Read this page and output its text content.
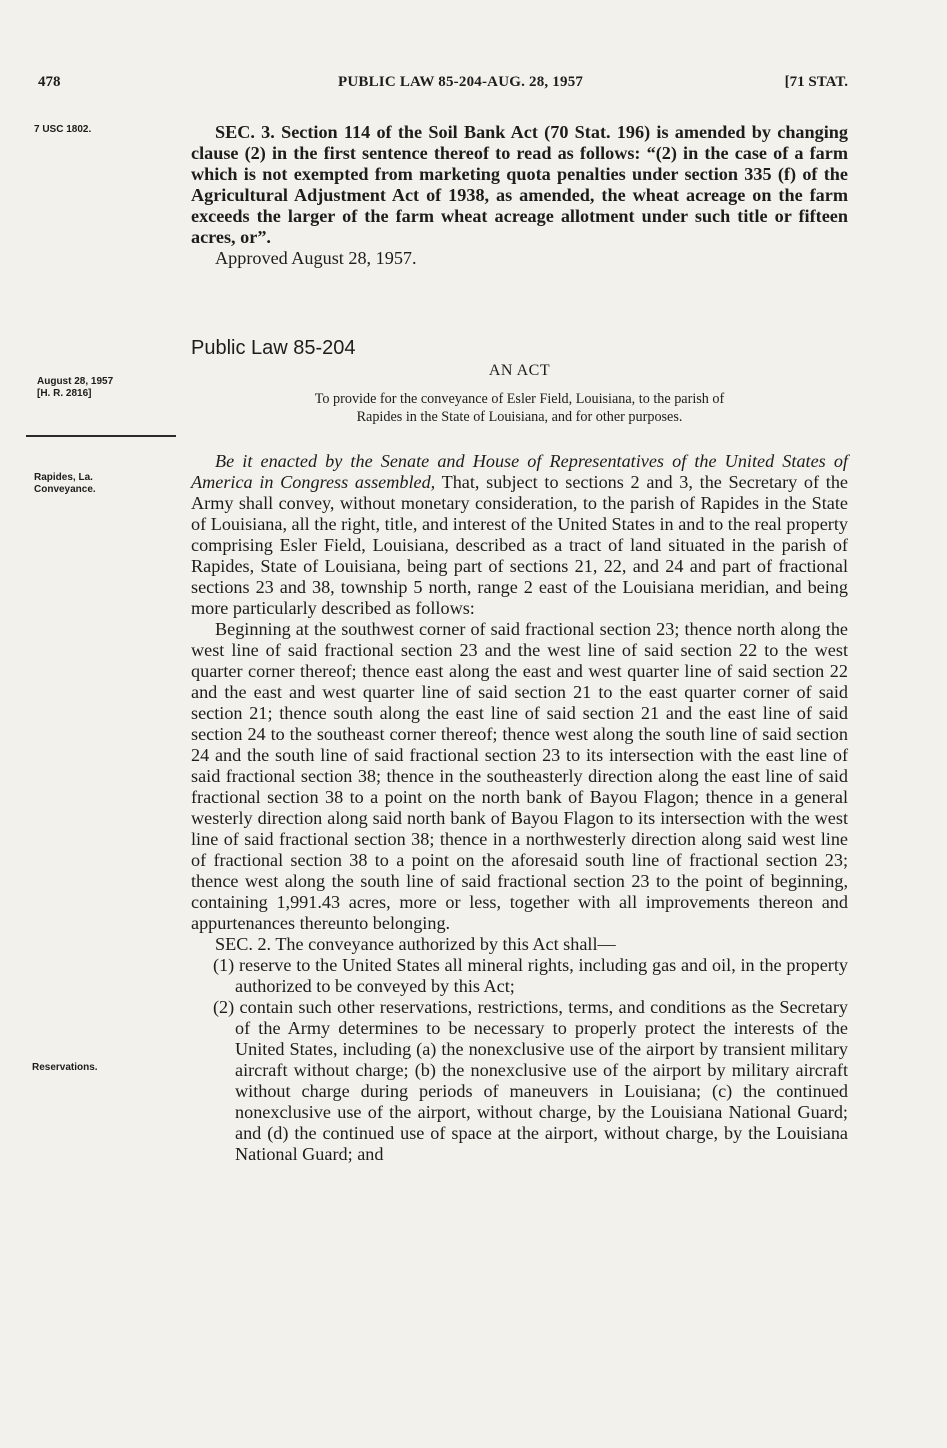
478	PUBLIC LAW 85-204-AUG. 28, 1957	[71 STAT.
7 USC 1802.
August 28, 1957
[H. R. 2816]
Rapides, La.
Conveyance.
Reservations.

SEC. 3. Section 114 of the Soil Bank Act (70 Stat. 196) is amended by changing clause (2) in the first sentence thereof to read as follows: “(2) in the case of a farm which is not exempted from marketing quota penalties under section 335 (f) of the Agricultural Adjustment Act of 1938, as amended, the wheat acreage on the farm exceeds the larger of the farm wheat acreage allotment under such title or fifteen acres, or”.

Approved August 28, 1957.

Public Law 85-204
AN ACT
To provide for the conveyance of Esler Field, Louisiana, to the parish of
Rapides in the State of Louisiana, and for other purposes.

Be it enacted by the Senate and House of Representatives of the United States of America in Congress assembled, That, subject to sections 2 and 3, the Secretary of the Army shall convey, without monetary consideration, to the parish of Rapides in the State of Louisiana, all the right, title, and interest of the United States in and to the real property comprising Esler Field, Louisiana, described as a tract of land situated in the parish of Rapides, State of Louisiana, being part of sections 21, 22, and 24 and part of fractional sections 23 and 38, township 5 north, range 2 east of the Louisiana meridian, and being more particularly described as follows:

Beginning at the southwest corner of said fractional section 23; thence north along the west line of said fractional section 23 and the west line of said section 22 to the west quarter corner thereof; thence east along the east and west quarter line of said section 22 and the east and west quarter line of said section 21 to the east quarter corner of said section 21; thence south along the east line of said section 21 and the east line of said section 24 to the southeast corner thereof; thence west along the south line of said section 24 and the south line of said fractional section 23 to its intersection with the east line of said fractional section 38; thence in the southeasterly direction along the east line of said fractional section 38 to a point on the north bank of Bayou Flagon; thence in a general westerly direction along said north bank of Bayou Flagon to its intersection with the west line of said fractional section 38; thence in a northwesterly direction along said west line of fractional section 38 to a point on the aforesaid south line of fractional section 23; thence west along the south line of said fractional section 23 to the point of beginning, containing 1,991.43 acres, more or less, together with all improvements thereon and appurtenances thereunto belonging.

SEC. 2. The conveyance authorized by this Act shall—

(1) reserve to the United States all mineral rights, including gas and oil, in the property authorized to be conveyed by this Act;

(2) contain such other reservations, restrictions, terms, and conditions as the Secretary of the Army determines to be necessary to properly protect the interests of the United States, including (a) the nonexclusive use of the airport by transient military aircraft without charge; (b) the nonexclusive use of the airport by military aircraft without charge during periods of maneuvers in Louisiana; (c) the continued nonexclusive use of the airport, without charge, by the Louisiana National Guard; and (d) the continued use of space at the airport, without charge, by the Louisiana National Guard; and
